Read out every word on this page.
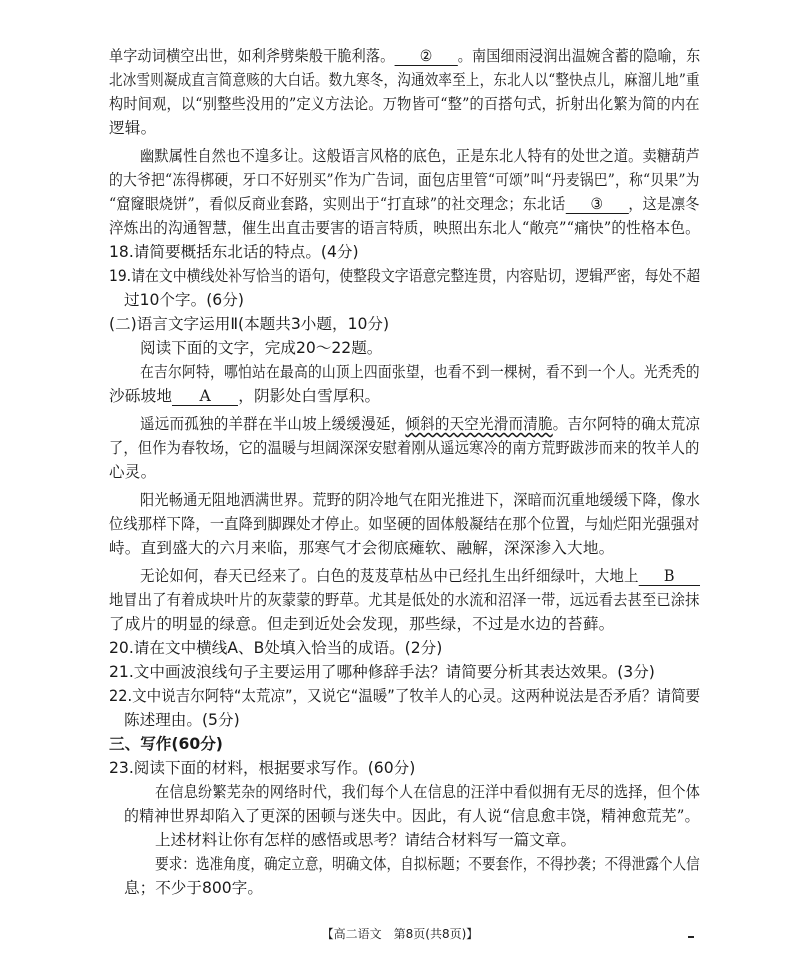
单字动词横空出世，如利斧劈柴般干脆利落。 ② 。南国细雨浸润出温婉含蓄的隐喻，东
北冰雪则凝成直言简意赅的大白话。数九寒冬，沟通效率至上，东北人以“整快点儿，麻溜儿地”重
构时间观，以“别整些没用的”定义方法论。万物皆可“整”的百搭句式，折射出化繁为简的内在
逻辑。
幽默属性自然也不遑多让。这般语言风格的底色，正是东北人特有的处世之道。卖糖葫芦
的大爷把“冻得梆硬，牙口不好别买”作为广告词，面包店里管“可颂”叫“丹麦锅巴”，称“贝果”为
“窟窿眼烧饼”，看似反商业套路，实则出于“打直球”的社交理念；东北话 ③ ，这是凛冬
淬炼出的沟通智慧，催生出直击要害的语言特质，映照出东北人“敞亮”“痛快”的性格本色。
18.请简要概括东北话的特点。(4分)
19.请在文中横线处补写恰当的语句，使整段文字语意完整连贯，内容贴切，逻辑严密，每处不超
过10个字。(6分)
(二)语言文字运用Ⅱ(本题共3小题，10分)
阅读下面的文字，完成20～22题。
在吉尔阿特，哪怕站在最高的山顶上四面张望，也看不到一棵树，看不到一个人。光秃秃的
沙砾坡地 A ，阴影处白雪厚积。
遥远而孤独的羊群在半山坡上缓缓漫延，倾斜的天空光滑而清脆。吉尔阿特的确太荒凉
了，但作为春牧场，它的温暖与坦阔深深安慰着刚从遥远寒冷的南方荒野跋涉而来的牧羊人的
心灵。
阳光畅通无阻地洒满世界。荒野的阴冷地气在阳光推进下，深暗而沉重地缓缓下降，像水
位线那样下降，一直降到脚踝处才停止。如坚硬的固体般凝结在那个位置，与灿烂阳光强强对
峙。直到盛大的六月来临，那寒气才会彻底瘫软、融解，深深渗入大地。
无论如何，春天已经来了。白色的芨芨草枯丛中已经扎生出纤细绿叶，大地上 B
地冒出了有着成块叶片的灰蒙蒙的野草。尤其是低处的水流和沼泽一带，远远看去甚至已涂抹
了成片的明显的绿意。但走到近处会发现，那些绿，不过是水边的苔藓。
20.请在文中横线A、B处填入恰当的成语。(2分)
21.文中画波浪线句子主要运用了哪种修辞手法？请简要分析其表达效果。(3分)
22.文中说吉尔阿特“太荒凉”，又说它“温暖”了牧羊人的心灵。这两种说法是否矛盾？请简要
陈述理由。(5分)
三、写作(60分)
23.阅读下面的材料，根据要求写作。(60分)
在信息纷繁芜杂的网络时代，我们每个人在信息的汪洋中看似拥有无尽的选择，但个体
的精神世界却陷入了更深的困顿与迷失中。因此，有人说“信息愈丰饶，精神愈荒芜”。
上述材料让你有怎样的感悟或思考？请结合材料写一篇文章。
要求：选准角度，确定立意，明确文体，自拟标题；不要套作，不得抄袭；不得泄露个人信
息；不少于800字。
【高二语文　第8页(共8页)】
